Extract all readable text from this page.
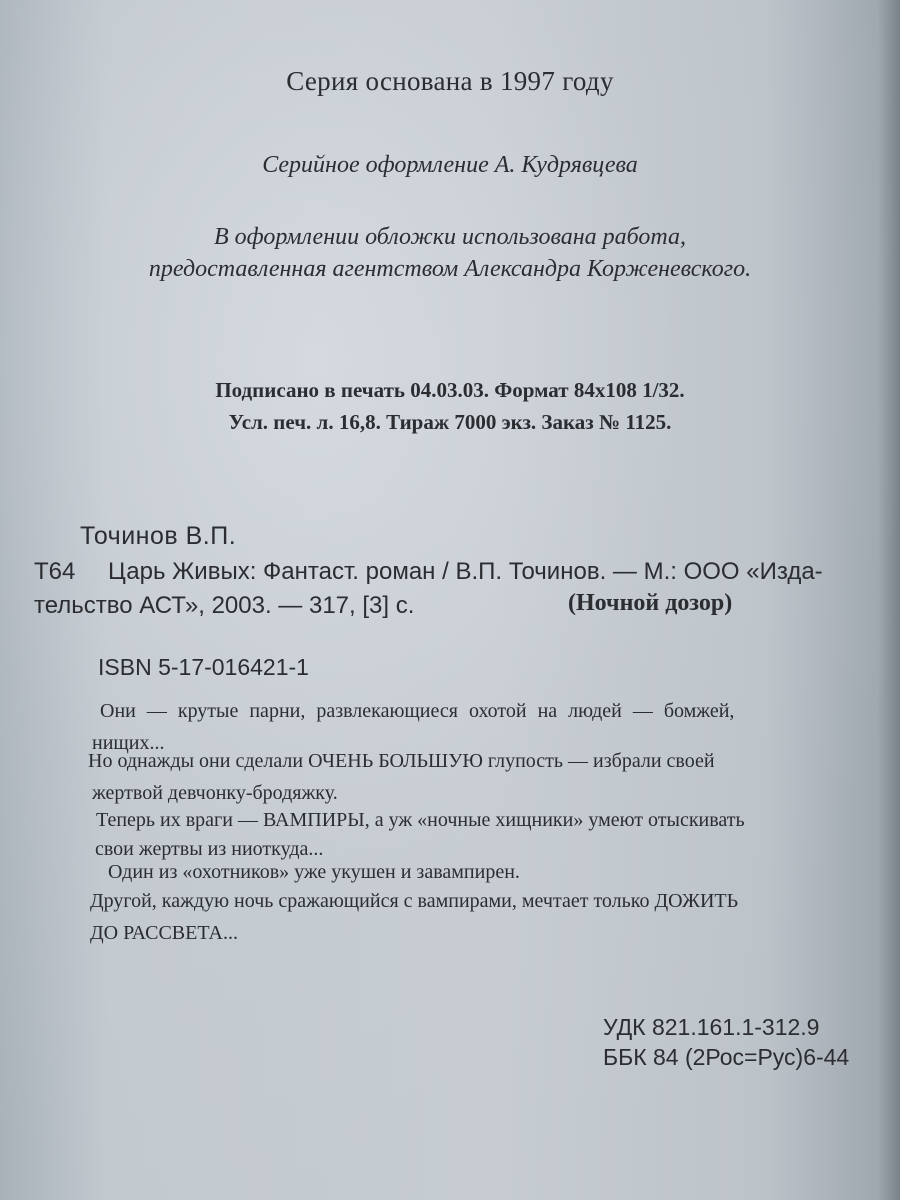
Серия основана в 1997 году

Серийное оформление А. Кудрявцева

В оформлении обложки использована работа,

предоставленная агентством Александра Корженевского.

Подписано в печать 04.03.03. Формат 84x108 1/32.

Усл. печ. л. 16,8. Тираж 7000 экз. Заказ № 1125.

Точинов В.П.

Т64 Царь Живых: Фантаст. роман / В.П. Точинов. — М.: ООО «Изда-

тельство АСТ», 2003. — 317, [3] с.	(Ночной дозор)

ISBN 5-17-016421-1

Они — крутые парни, развлекающиеся охотой на людей — бомжей,

нищих...

Но однажды они сделали ОЧЕНЬ БОЛЬШУЮ глупость — избрали своей

жертвой девчонку-бродяжку.

Теперь их враги — ВАМПИРЫ, а уж «ночные хищники» умеют отыскивать

свои жертвы из ниоткуда...

Один из «охотников» уже укушен и завампирен.

Другой, каждую ночь сражающийся с вампирами, мечтает только ДОЖИТЬ

ДО РАССВЕТА...

УДК 821.161.1-312.9

ББК 84 (2Рос=Рус)6-44
